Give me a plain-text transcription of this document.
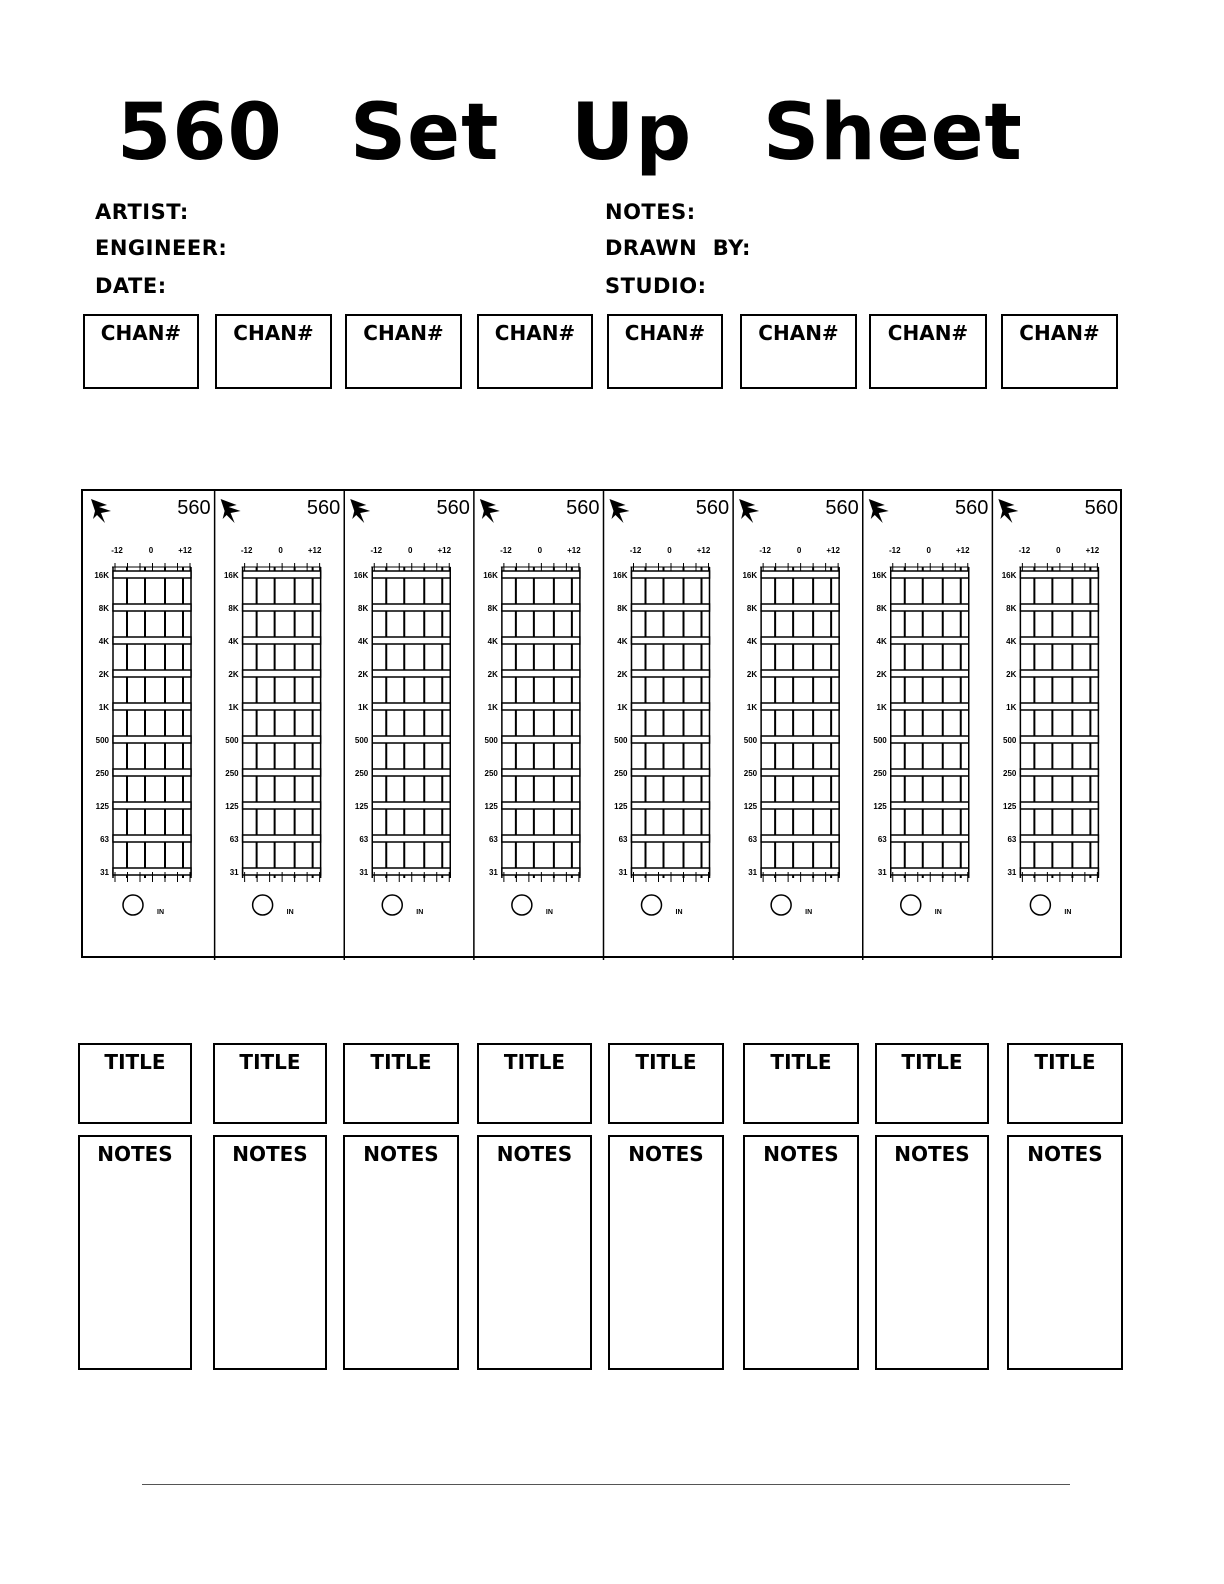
560 Set Up Sheet
ARTIST:
ENGINEER:
DATE:
NOTES:
DRAWN  BY:
STUDIO:
CHAN#	CHAN#	CHAN#	CHAN#	CHAN#	CHAN#	CHAN#	CHAN#
560
-12	0	+12
16K
8K
4K
2K
1K
500
250
125
63
31
IN
560
-12	0	+12
16K
8K
4K
2K
1K
500
250
125
63
31
IN
560
-12	0	+12
16K
8K
4K
2K
1K
500
250
125
63
31
IN
560
-12	0	+12
16K
8K
4K
2K
1K
500
250
125
63
31
IN
560
-12	0	+12
16K
8K
4K
2K
1K
500
250
125
63
31
IN
560
-12	0	+12
16K
8K
4K
2K
1K
500
250
125
63
31
IN
560
-12	0	+12
16K
8K
4K
2K
1K
500
250
125
63
31
IN
560
-12	0	+12
16K
8K
4K
2K
1K
500
250
125
63
31
IN
TITLE	TITLE	TITLE	TITLE	TITLE	TITLE	TITLE	TITLE
NOTES	NOTES	NOTES	NOTES	NOTES	NOTES	NOTES	NOTES
